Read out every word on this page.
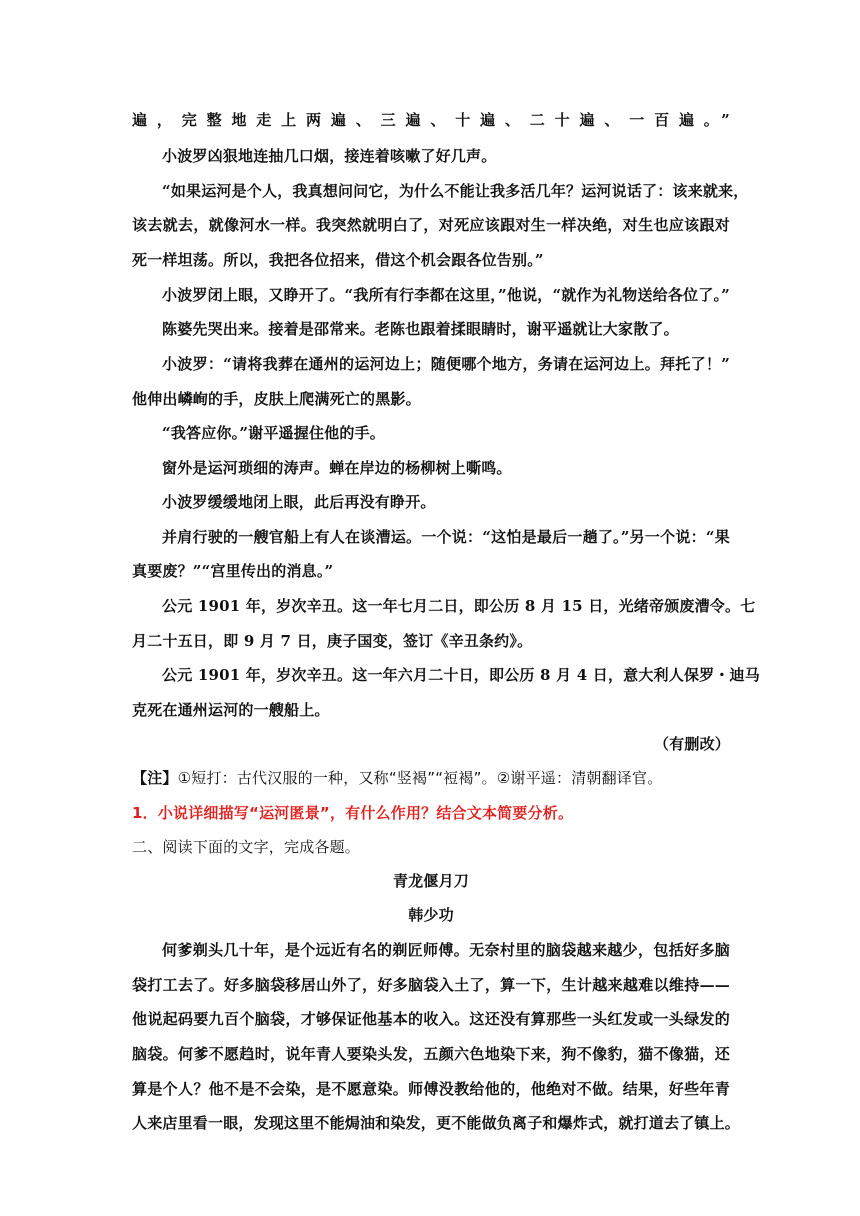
遍，完整地走上两遍、三遍、十遍、二十遍、一百遍。”
小波罗凶狠地连抽几口烟，接连着咳嗽了好几声。
“如果运河是个人，我真想问问它，为什么不能让我多活几年？运河说话了：该来就来，
该去就去，就像河水一样。我突然就明白了，对死应该跟对生一样决绝，对生也应该跟对
死一样坦荡。所以，我把各位招来，借这个机会跟各位告别。”
小波罗闭上眼，又睁开了。“我所有行李都在这里，”他说，“就作为礼物送给各位了。”
陈婆先哭出来。接着是邵常来。老陈也跟着揉眼睛时，谢平遥就让大家散了。
小波罗：“请将我葬在通州的运河边上；随便哪个地方，务请在运河边上。拜托了！”
他伸出嶙峋的手，皮肤上爬满死亡的黑影。
“我答应你。”谢平遥握住他的手。
窗外是运河琐细的涛声。蝉在岸边的杨柳树上嘶鸣。
小波罗缓缓地闭上眼，此后再没有睁开。
并肩行驶的一艘官船上有人在谈漕运。一个说：“这怕是最后一趟了。”另一个说：“果
真要废？”“宫里传出的消息。”
公元 1901 年，岁次辛丑。这一年七月二日，即公历 8 月 15 日，光绪帝颁废漕令。七
月二十五日，即 9 月 7 日，庚子国变，签订《辛丑条约》。
公元 1901 年，岁次辛丑。这一年六月二十日，即公历 8 月 4 日，意大利人保罗・迪马
克死在通州运河的一艘船上。
（有删改）
【注】①短打：古代汉服的一种，又称“竖褐”“裋褐”。②谢平遥：清朝翻译官。
1．小说详细描写“运河匿景”，有什么作用？结合文本简要分析。
二、阅读下面的文字，完成各题。
青龙偃月刀
韩少功
何爹剃头几十年，是个远近有名的剃匠师傅。无奈村里的脑袋越来越少，包括好多脑
袋打工去了。好多脑袋移居山外了，好多脑袋入土了，算一下，生计越来越难以维持——
他说起码要九百个脑袋，才够保证他基本的收入。这还没有算那些一头红发或一头绿发的
脑袋。何爹不愿趋时，说年青人要染头发，五颜六色地染下来，狗不像豹，猫不像猫，还
算是个人？他不是不会染，是不愿意染。师傅没教给他的，他绝对不做。结果，好些年青
人来店里看一眼，发现这里不能焗油和染发，更不能做负离子和爆炸式，就打道去了镇上。
